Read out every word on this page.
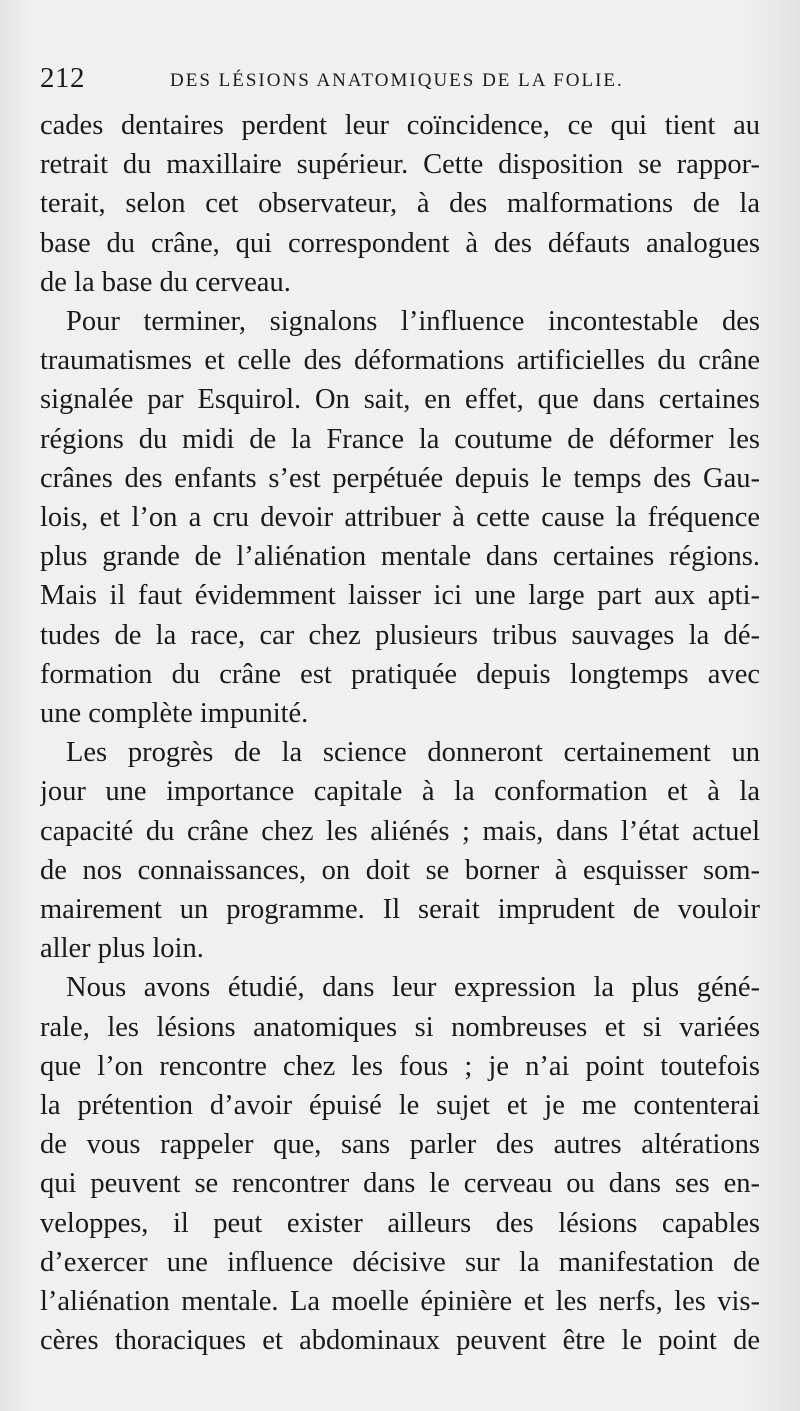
212	DES LÉSIONS ANATOMIQUES DE LA FOLIE.

cades dentaires perdent leur coïncidence, ce qui tient au
retrait du maxillaire supérieur. Cette disposition se rappor-
terait, selon cet observateur, à des malformations de la
base du crâne, qui correspondent à des défauts analogues
de la base du cerveau.

Pour terminer, signalons l’influence incontestable des
traumatismes et celle des déformations artificielles du crâne
signalée par Esquirol. On sait, en effet, que dans certaines
régions du midi de la France la coutume de déformer les
crânes des enfants s’est perpétuée depuis le temps des Gau-
lois, et l’on a cru devoir attribuer à cette cause la fréquence
plus grande de l’aliénation mentale dans certaines régions.
Mais il faut évidemment laisser ici une large part aux apti-
tudes de la race, car chez plusieurs tribus sauvages la dé-
formation du crâne est pratiquée depuis longtemps avec
une complète impunité.

Les progrès de la science donneront certainement un
jour une importance capitale à la conformation et à la
capacité du crâne chez les aliénés ; mais, dans l’état actuel
de nos connaissances, on doit se borner à esquisser som-
mairement un programme. Il serait imprudent de vouloir
aller plus loin.

Nous avons étudié, dans leur expression la plus géné-
rale, les lésions anatomiques si nombreuses et si variées
que l’on rencontre chez les fous ; je n’ai point toutefois
la prétention d’avoir épuisé le sujet et je me contenterai
de vous rappeler que, sans parler des autres altérations
qui peuvent se rencontrer dans le cerveau ou dans ses en-
veloppes, il peut exister ailleurs des lésions capables
d’exercer une influence décisive sur la manifestation de
l’aliénation mentale. La moelle épinière et les nerfs, les vis-
cères thoraciques et abdominaux peuvent être le point de
